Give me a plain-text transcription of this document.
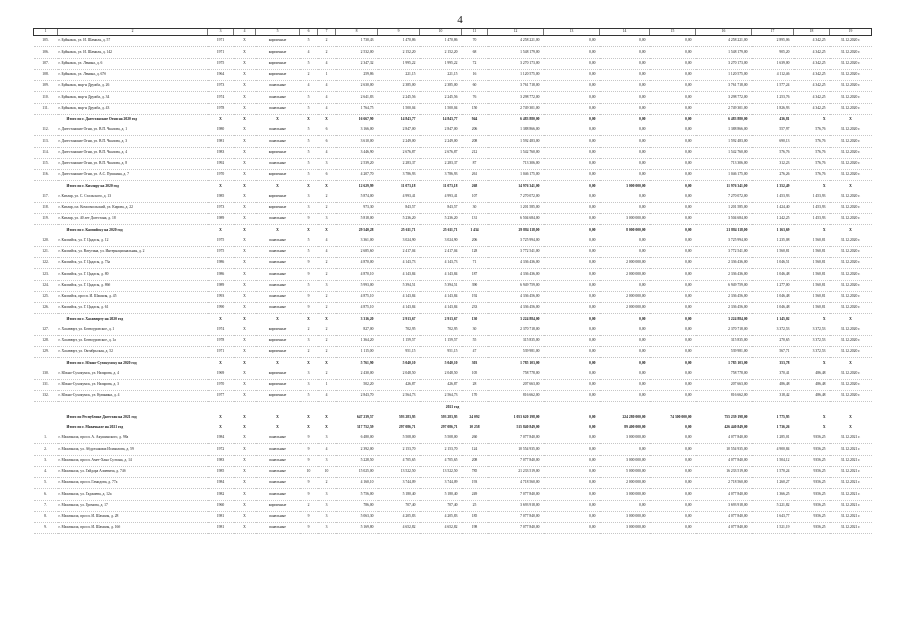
4
1	2	3	4	5	6	7	8	9	10	11	12	13	14	15	16	17	18	19
105.	г. Буйнакск, ул. И. Шамиля, д. 57	1971	Х	кирпичные	5	2	1 730,43	1 470,86	1 470,86	70	4 258 221,00	0,00	0,00	0,00	4 258 221,00	2 895,06	4 342,25	31.12.2020 г.
106.	г. Буйнакск, ул. И. Шамиля, д. 142	1971	Х	кирпичные	4	2	2 532,00	2 152,20	2 152,20	68	1 548 179,00	0,00	0,00	0,00	1 548 179,00	905,20	4 342,25	31.12.2020 г.
107.	г. Буйнакск, ул. Ленина, д. 6	1975	Х	кирпичные	5	4	2 347,32	1 995,22	1 995,22	72	3 270 173,00	0,00	0,00	0,00	3 270 173,00	1 639,00	4 342,25	31.12.2020 г.
108.	г. Буйнакск, ул. Ленина, д. 67б	1964	Х	кирпичные	2	1	259,86	221,15	221,15	16	1 120 575,00	0,00	0,00	0,00	1 120 575,00	4 112,46	4 342,25	31.12.2020 г.
109.	г. Буйнакск, мкр-н Дружба, д. 26	1973	Х	панельные	4	4	2 630,00	2 385,00	2 385,00	60	3 761 718,00	0,00	0,00	0,00	3 761 718,00	1 577,24	4 342,25	31.12.2020 г.
110.	г. Буйнакск, мкр-н Дружба, д. 34	1974	Х	панельные	5	4	2 641,83	2 245,56	2 245,56	76	3 298 772,00	0,00	0,00	0,00	3 298 772,00	1 253,76	4 342,25	31.12.2020 г.
111.	г. Буйнакск, мкр-н Дружба, д. 43	1978	Х	панельные	5	4	1 764,75	1 500,04	1 500,04	150	2 749 301,00	0,00	0,00	0,00	2 749 301,00	1 826,93	4 342,25	31.12.2020 г.
	Итого по г. Дагестанские Огни на 2020 год	Х	Х	Х	Х	Х	16 667,90	14 843,77	14 843,77	944	6 483 880,00	0,00	0,00	0,00	6 483 880,00	436,81	Х	Х
112.	г. Дагестанские Огни, ул. В.П. Чкалова, д. 1	1980	Х	панельные	5	6	3 166,00	2 847,00	2 847,00	206	1 388 866,00	0,00	0,00	0,00	1 388 866,00	557,97	576,76	31.12.2020 г.
113.	г. Дагестанские Огни, ул. В.П. Чкалова, д. 3	1981	Х	панельные	5	6	3 610,00	2 249,00	2 249,00	208	1 592 483,00	0,00	0,00	0,00	1 592 483,00	690,13	576,76	31.12.2020 г.
114.	г. Дагестанские Огни, ул. В.П. Чкалова, д. 4	1983	Х	кирпичные	5	4	3 446,90	2 676,87	2 676,87	212	1 542 760,00	0,00	0,00	0,00	1 542 760,00	576,76	576,76	31.12.2020 г.
115.	г. Дагестанские Огни, ул. В.П. Чкалова, д. 8	1992	Х	панельные	5	3	2 539,20	2 283,37	2 283,37	87	713 306,00	0,00	0,00	0,00	713 306,00	312,23	576,76	31.12.2020 г.
116.	г. Дагестанские Огни, ул. А.С. Пушкина, д. 7	1970	Х	кирпичные	5	6	4 207,70	3 786,93	3 786,93	261	1 046 175,00	0,00	0,00	0,00	1 046 175,00	276,26	576,76	31.12.2020 г.
	Итого по г. Кизляру на 2020 год	Х	Х	Х	Х	Х	12 629,99	11 073,18	11 073,18	268	14 976 341,00	0,00	3 000 000,00	0,00	11 976 341,00	1 352,49	Х	Х
117.	г. Кизляр, ул. С. Стальского, д. 13	1985	Х	кирпичные	3	2	5 874,00	4 993,41	4 993,41	107	7 270 072,00	0,00	0,00	0,00	7 270 072,00	1 453,93	1 453,93	31.12.2020 г.
118.	г. Кизляр, пл. Комсомольский, ул. Кирова, д. 22	1973	Х	кирпичные	3	2	973,30	843,57	843,57	30	1 201 585,00	0,00	0,00	0,00	1 201 585,00	1 424,40	1 453,93	31.12.2020 г.
119.	г. Кизляр, ул. 40 лет Дагестана, д. 18	1989	Х	панельные	9	3	5 818,00	5 236,20	5 236,20	131	6 504 684,00	0,00	3 000 000,00	0,00	3 504 684,00	1 242,25	1 453,93	31.12.2020 г.
	Итого по г. Каспийску на 2020 год	Х	Х	Х	Х	Х	29 540,28	25 611,71	25 611,71	1 434	29 884 118,00	0,00	8 000 000,00	0,00	21 884 118,00	1 163,69	Х	Х
120.	г. Каспийск, ул. Г. Цадасы, д. 12	1975	Х	панельные	5	4	3 361,00	3 024,90	3 024,90	206	3 725 994,00	0,00	0,00	0,00	3 725 994,00	1 235,08	1 560,81	31.12.2020 г.
121.	г. Каспийск, ул. Ватутина, ул. Интернациональная, д. 2	1975	Х	панельные	5	4	2 685,60	2 417,04	2 417,04	128	3 772 541,00	0,00	0,00	0,00	3 772 541,00	1 560,81	1 560,81	31.12.2020 г.
122.	г. Каспийск, ул. Г. Цадасы, д. 73а	1986	Х	панельные	9	2	4 870,00	4 143,73	4 143,73	71	4 336 436,00	0,00	2 000 000,00	0,00	2 336 436,00	1 046,51	1 560,81	31.12.2020 г.
123.	г. Каспийск, ул. Г. Цадасы, д. 80	1986	Х	панельные	9	2	4 870,10	4 143,84	4 143,84	187	4 336 436,00	0,00	2 000 000,00	0,00	2 336 436,00	1 046,48	1 560,81	31.12.2020 г.
124.	г. Каспийск, ул. Г. Цадасы, д. 86б	1989	Х	панельные	5	3	5 993,00	5 394,51	5 394,51	390	6 949 759,00	0,00	0,00	0,00	6 949 759,00	1 277,00	1 560,81	31.12.2020 г.
125.	г. Каспийск, просп. И. Шамиля, д. 45	1993	Х	панельные	9	2	4 875,10	4 143,84	4 143,84	192	4 336 456,00	0,00	2 000 000,00	0,00	2 336 456,00	1 046,48	1 560,81	31.12.2020 г.
126.	г. Каспийск, ул. Г. Цадасы, д. 61	1990	Х	панельные	9	2	4 875,10	4 143,84	4 143,84	233	4 336 456,00	0,00	2 000 000,00	0,00	2 336 456,00	1 046,48	1 560,81	31.12.2020 г.
	Итого по г. Хасавюрту на 2020 год	Х	Х	Х	Х	Х	3 316,20	2 913,67	2 913,67	130	3 224 884,00	0,00	0,00	0,00	3 224 884,00	1 145,02	Х	Х
127.	г. Хасавюрт, ул. Ботвоуровское, д. 1	1974	Х	кирпичные	2	2	827,00	702,95	702,95	30	2 370 718,00	0,00	0,00	0,00	2 370 718,00	3 372,53	3 372,53	31.12.2020 г.
128.	г. Хасавюрт, ул. Ботвоуровское, д. 1а	1978	Х	кирпичные	3	2	1 364,20	1 159,57	1 159,57	55	315 835,00	0,00	0,00	0,00	315 835,00	270,65	3 372,53	31.12.2020 г.
129.	г. Хасавюрт, ул. Октябрьская, д. 52	1971	Х	кирпичные	2	2	1 115,00	951,15	951,15	47	539 981,00	0,00	0,00	0,00	539 981,00	567,71	3 372,53	31.12.2020 г.
	Итого по г. Южно-Сухокумску на 2020 год	Х	Х	Х	Х	Х	5 761,90	5 040,10	5 040,10	303	1 785 103,00	0,00	0,00	0,00	1 785 103,00	353,78	Х	Х
130.	г. Южно-Сухокумск, ул. Назарова, д. 4	1969	Х	кирпичные	3	2	2 430,00	2 048,50	2 048,50	105	758 778,00	0,00	0,00	0,00	758 778,00	370,41	486,48	31.12.2020 г.
131.	г. Южно-Сухокумск, ул. Назарова, д. 3	1970	Х	кирпичные	3	1	502,20	426,87	426,87	28	207 663,00	0,00	0,00	0,00	207 663,00	486,48	486,48	31.12.2020 г.
132.	г. Южно-Сухокумск, ул. Куванина, д. 4	1977	Х	кирпичные	5	4	2 843,70	2 564,73	2 564,73	170	816 662,00	0,00	0,00	0,00	816 662,00	318,42	486,48	31.12.2020 г.
2021 год																		
	Итого по Республике Дагестан на 2021 год	Х	Х	Х	Х	Х	647 239,57	593 283,95	593 283,95	24 092	1 053 620 198,00	0,00	224 280 000,00	74 300 000,00	755 239 198,00	1 775,95	Х	Х
	Итого по г. Махачкале на 2021 год	Х	Х	Х	Х	Х	317 752,59	297 086,71	297 086,71	10 258	515 840 849,00	0,00	89 400 000,00	0,00	426 440 849,00	1 736,26	Х	Х
1.	г. Махачкала, просп. А. Акушинского, д. 98а	1984	Х	панельные	9	3	6 480,00	5 508,00	5 508,00	260	7 077 840,00	0,00	3 000 000,00	0,00	4 077 840,00	1 285,01	9356,25	31.12.2021 г.
2.	г. Махачкала, ул. Абдулхакима Исмаилова, д. 59	1972	Х	панельные	9	4	2 392,00	2 153,70	2 153,70	124	10 554 935,00	0,00	0,00	0,00	10 554 935,00	4 900,84	9356,25	31.12.2021 г.
3.	г. Махачкала, просп. Амет-Хана Султана, д. 14	1983	Х	панельные	9	3	5 228,50	4 705,65	4 705,65	208	7 077 840,00	0,00	3 000 000,00	0,00	4 077 840,00	1 504,12	9356,25	31.12.2021 г.
4.	г. Махачкала, ул. Гайдара Алиевича, д. 74б	1985	Х	панельные	10	10	15 025,00	13 522,50	13 522,50	785	21 233 519,00	0,00	5 000 000,00	0,00	16 233 519,00	1 570,24	9356,25	31.12.2021 г.
5.	г. Махачкала, просп. Гамидова, д. 77а	1984	Х	панельные	9	2	4 160,10	3 744,09	3 744,09	193	4 718 560,00	0,00	2 000 000,00	0,00	2 718 560,00	1 260,27	9356,25	31.12.2021 г.
6.	г. Махачкала, ул. Гаджиева, д. 12а	1982	Х	панельные	9	3	5 756,00	5 180,40	5 180,40	249	7 077 840,00	0,00	3 000 000,00	0,00	4 077 840,00	1 366,25	9356,25	31.12.2021 г.
7.	г. Махачкала, ул. Громова, д. 17	1960	Х	кирпичные	2	3	786,00	707,40	707,40	25	3 693 918,00	0,00	0,00	0,00	3 693 918,00	5 221,82	9356,25	31.12.2021 г.
8.	г. Махачкала, просп. И. Шамиля, д. 28	1981	Х	панельные	9	3	5 063,30	4 205,83	4 205,83	185	7 077 840,00	0,00	3 000 000,00	0,00	4 077 840,00	1 643,77	9356,25	31.12.2021 г.
9.	г. Махачкала, просп. И. Шамиля, д. 16б	1981	Х	панельные	9	3	5 169,80	4 652,82	4 652,82	198	7 077 840,00	0,00	3 000 000,00	0,00	4 077 840,00	1 521,19	9356,25	31.12.2021 г.
